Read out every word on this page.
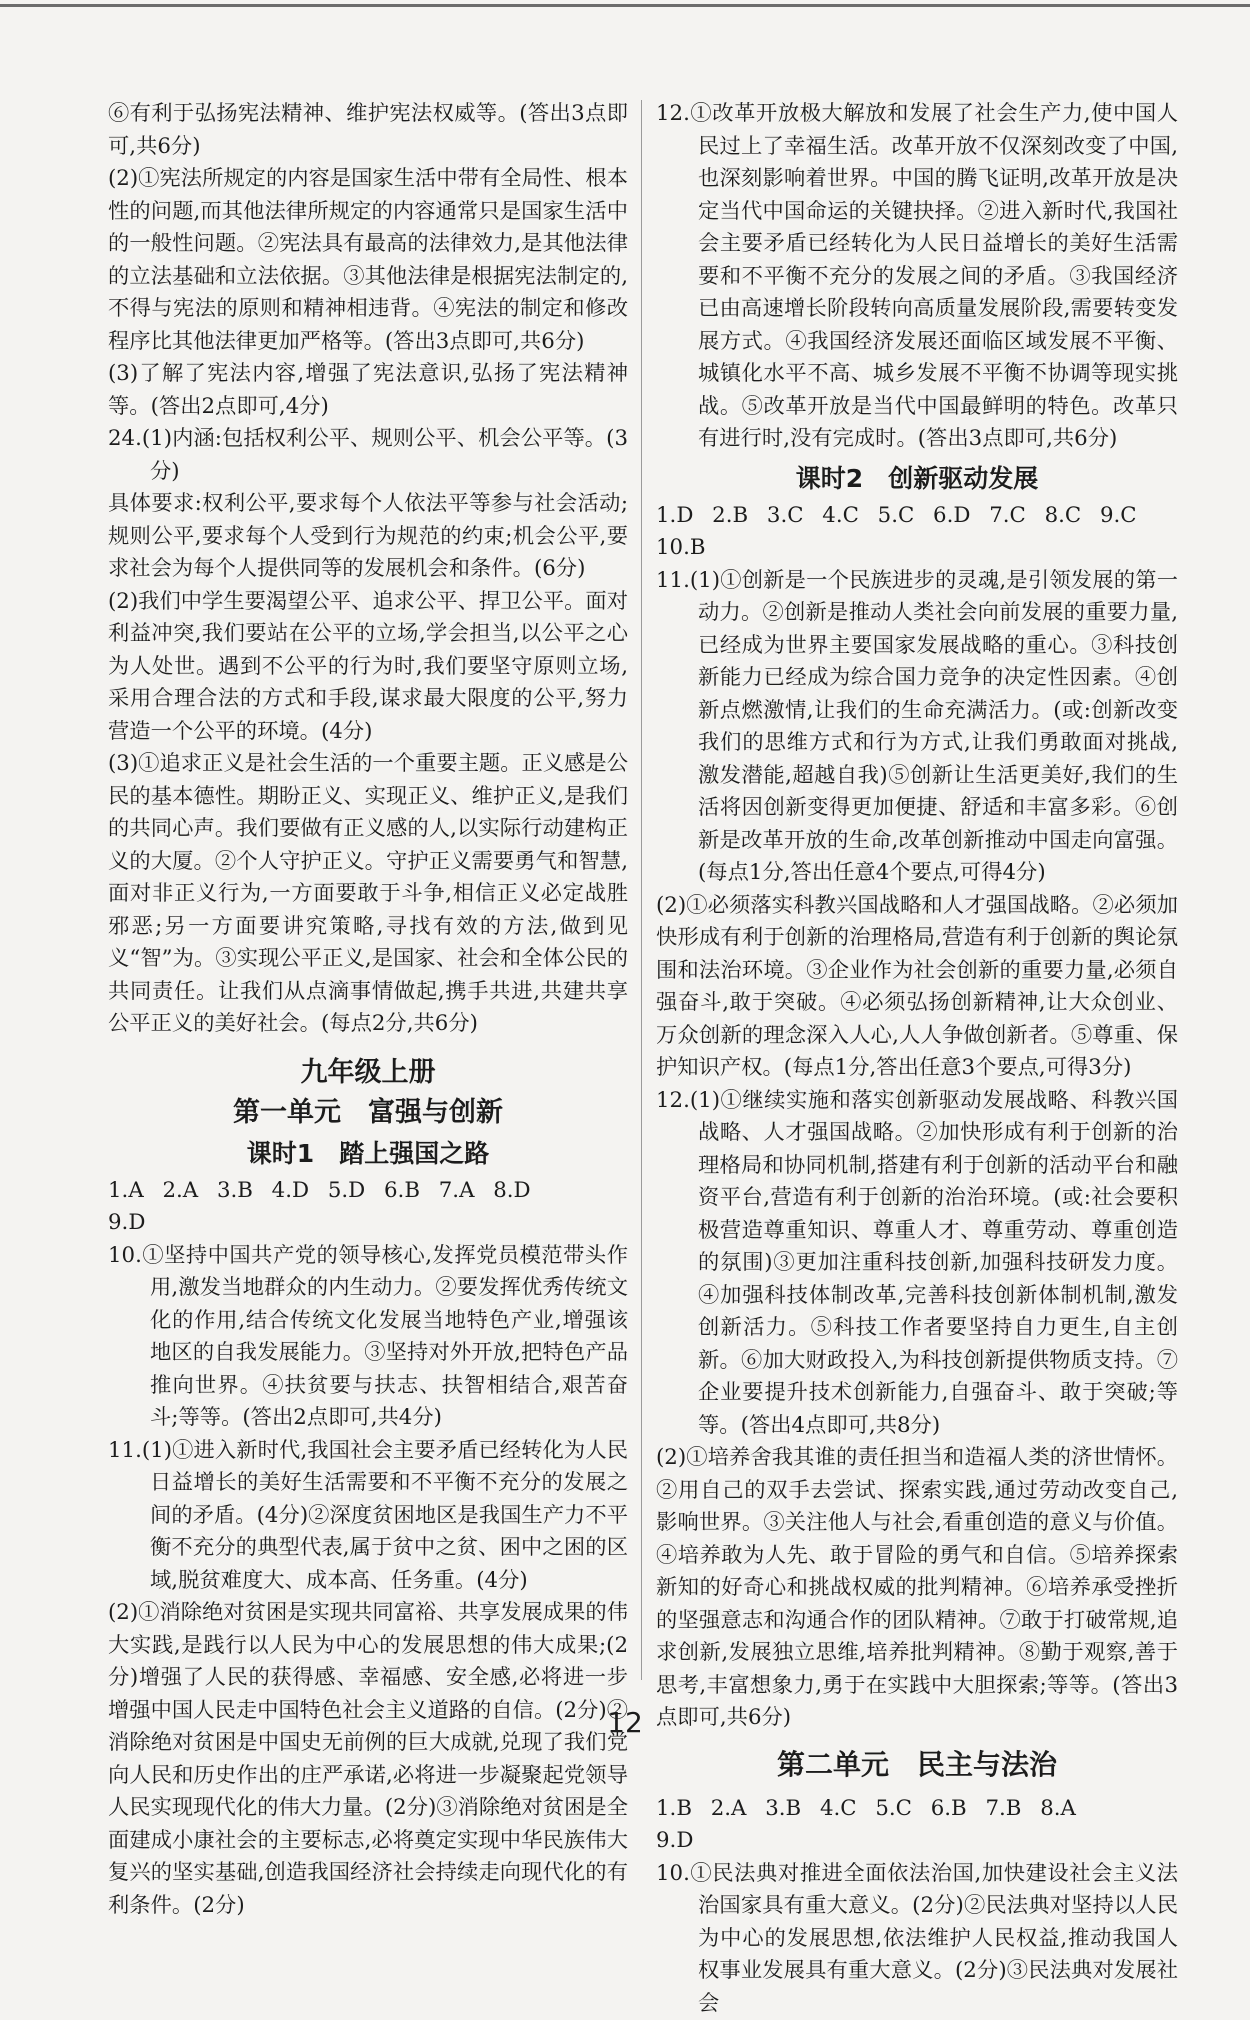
⑥有利于弘扬宪法精神、维护宪法权威等。(答出3点即可,共6分)
(2)①宪法所规定的内容是国家生活中带有全局性、根本性的问题,而其他法律所规定的内容通常只是国家生活中的一般性问题。②宪法具有最高的法律效力,是其他法律的立法基础和立法依据。③其他法律是根据宪法制定的,不得与宪法的原则和精神相违背。④宪法的制定和修改程序比其他法律更加严格等。(答出3点即可,共6分)
(3)了解了宪法内容,增强了宪法意识,弘扬了宪法精神等。(答出2点即可,4分)
24.(1)内涵:包括权利公平、规则公平、机会公平等。(3分)
具体要求:权利公平,要求每个人依法平等参与社会活动;规则公平,要求每个人受到行为规范的约束;机会公平,要求社会为每个人提供同等的发展机会和条件。(6分)
(2)我们中学生要渴望公平、追求公平、捍卫公平。面对利益冲突,我们要站在公平的立场,学会担当,以公平之心为人处世。遇到不公平的行为时,我们要坚守原则立场,采用合理合法的方式和手段,谋求最大限度的公平,努力营造一个公平的环境。(4分)
(3)①追求正义是社会生活的一个重要主题。正义感是公民的基本德性。期盼正义、实现正义、维护正义,是我们的共同心声。我们要做有正义感的人,以实际行动建构正义的大厦。②个人守护正义。守护正义需要勇气和智慧,面对非正义行为,一方面要敢于斗争,相信正义必定战胜邪恶;另一方面要讲究策略,寻找有效的方法,做到见义“智”为。③实现公平正义,是国家、社会和全体公民的共同责任。让我们从点滴事情做起,携手共进,共建共享公平正义的美好社会。(每点2分,共6分)
九年级上册
第一单元　富强与创新
课时1　踏上强国之路
1.A 2.A 3.B 4.D 5.D 6.B 7.A 8.D
9.D
10.①坚持中国共产党的领导核心,发挥党员模范带头作用,激发当地群众的内生动力。②要发挥优秀传统文化的作用,结合传统文化发展当地特色产业,增强该地区的自我发展能力。③坚持对外开放,把特色产品推向世界。④扶贫要与扶志、扶智相结合,艰苦奋斗;等等。(答出2点即可,共4分)
11.(1)①进入新时代,我国社会主要矛盾已经转化为人民日益增长的美好生活需要和不平衡不充分的发展之间的矛盾。(4分)②深度贫困地区是我国生产力不平衡不充分的典型代表,属于贫中之贫、困中之困的区域,脱贫难度大、成本高、任务重。(4分)
(2)①消除绝对贫困是实现共同富裕、共享发展成果的伟大实践,是践行以人民为中心的发展思想的伟大成果;(2分)增强了人民的获得感、幸福感、安全感,必将进一步增强中国人民走中国特色社会主义道路的自信。(2分)②消除绝对贫困是中国史无前例的巨大成就,兑现了我们党向人民和历史作出的庄严承诺,必将进一步凝聚起党领导人民实现现代化的伟大力量。(2分)③消除绝对贫困是全面建成小康社会的主要标志,必将奠定实现中华民族伟大复兴的坚实基础,创造我国经济社会持续走向现代化的有利条件。(2分)
12.①改革开放极大解放和发展了社会生产力,使中国人民过上了幸福生活。改革开放不仅深刻改变了中国,也深刻影响着世界。中国的腾飞证明,改革开放是决定当代中国命运的关键抉择。②进入新时代,我国社会主要矛盾已经转化为人民日益增长的美好生活需要和不平衡不充分的发展之间的矛盾。③我国经济已由高速增长阶段转向高质量发展阶段,需要转变发展方式。④我国经济发展还面临区域发展不平衡、城镇化水平不高、城乡发展不平衡不协调等现实挑战。⑤改革开放是当代中国最鲜明的特色。改革只有进行时,没有完成时。(答出3点即可,共6分)
课时2　创新驱动发展
1.D 2.B 3.C 4.C 5.C 6.D 7.C 8.C 9.C
10.B
11.(1)①创新是一个民族进步的灵魂,是引领发展的第一动力。②创新是推动人类社会向前发展的重要力量,已经成为世界主要国家发展战略的重心。③科技创新能力已经成为综合国力竞争的决定性因素。④创新点燃激情,让我们的生命充满活力。(或:创新改变我们的思维方式和行为方式,让我们勇敢面对挑战,激发潜能,超越自我)⑤创新让生活更美好,我们的生活将因创新变得更加便捷、舒适和丰富多彩。⑥创新是改革开放的生命,改革创新推动中国走向富强。(每点1分,答出任意4个要点,可得4分)
(2)①必须落实科教兴国战略和人才强国战略。②必须加快形成有利于创新的治理格局,营造有利于创新的舆论氛围和法治环境。③企业作为社会创新的重要力量,必须自强奋斗,敢于突破。④必须弘扬创新精神,让大众创业、万众创新的理念深入人心,人人争做创新者。⑤尊重、保护知识产权。(每点1分,答出任意3个要点,可得3分)
12.(1)①继续实施和落实创新驱动发展战略、科教兴国战略、人才强国战略。②加快形成有利于创新的治理格局和协同机制,搭建有利于创新的活动平台和融资平台,营造有利于创新的治治环境。(或:社会要积极营造尊重知识、尊重人才、尊重劳动、尊重创造的氛围)③更加注重科技创新,加强科技研发力度。④加强科技体制改革,完善科技创新体制机制,激发创新活力。⑤科技工作者要坚持自力更生,自主创新。⑥加大财政投入,为科技创新提供物质支持。⑦企业要提升技术创新能力,自强奋斗、敢于突破;等等。(答出4点即可,共8分)
(2)①培养舍我其谁的责任担当和造福人类的济世情怀。②用自己的双手去尝试、探索实践,通过劳动改变自己,影响世界。③关注他人与社会,看重创造的意义与价值。④培养敢为人先、敢于冒险的勇气和自信。⑤培养探索新知的好奇心和挑战权威的批判精神。⑥培养承受挫折的坚强意志和沟通合作的团队精神。⑦敢于打破常规,追求创新,发展独立思维,培养批判精神。⑧勤于观察,善于思考,丰富想象力,勇于在实践中大胆探索;等等。(答出3点即可,共6分)
第二单元　民主与法治
1.B 2.A 3.B 4.C 5.C 6.B 7.B 8.A
9.D
10.①民法典对推进全面依法治国,加快建设社会主义法治国家具有重大意义。(2分)②民法典对坚持以人民为中心的发展思想,依法维护人民权益,推动我国人权事业发展具有重大意义。(2分)③民法典对发展社会
12
